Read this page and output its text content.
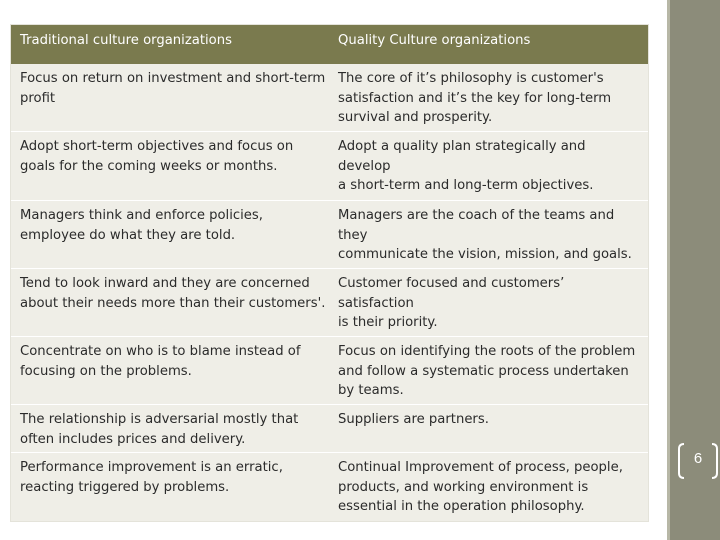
Traditional culture organizations	Quality Culture organizations
Focus on return on investment and short-term
profit
The core of it’s philosophy is customer's
satisfaction and it’s the key for long-term
survival and prosperity.
Adopt short-term objectives and focus on
goals for the coming weeks or months.
Adopt a quality plan strategically and develop
a short-term and long-term objectives.
Managers think and enforce policies,
employee do what they are told.
Managers are the coach of the teams and they
communicate the vision, mission, and goals.
Tend to look inward and they are concerned
about their needs more than their customers'.
Customer focused and customers’ satisfaction
is their priority.
Concentrate on who is to blame instead of
focusing on the problems.
Focus on identifying the roots of the problem
and follow a systematic process undertaken
by teams.
The relationship is adversarial mostly that
often includes prices and delivery.
Suppliers are partners.
Performance improvement is an erratic,
reacting triggered by problems.
Continual Improvement of process, people,
products, and working environment is
essential in the operation philosophy.
6
